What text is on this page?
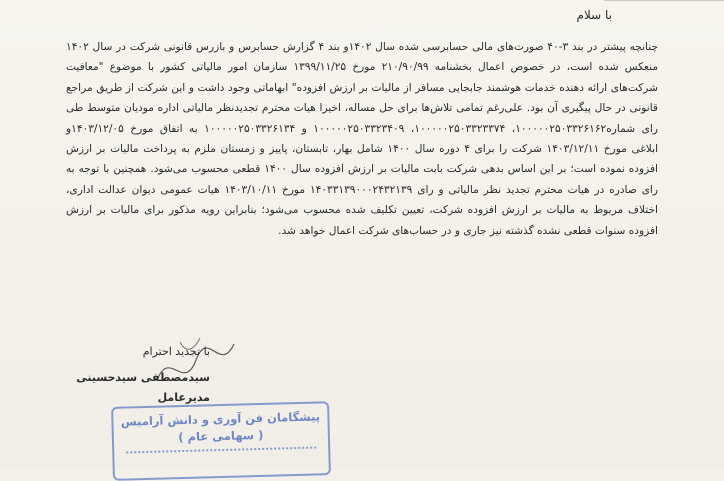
با سلام

چنانچه پیشتر در بند ۳-۴۰ صورت‌های مالی حسابرسی شده سال ۱۴۰۲و بند ۴ گزارش حسابرس و بازرس قانونی شرکت در سال ۱۴۰۲ منعکس شده است، در خصوص اعمال بخشنامه ۲۱۰/۹۰/۹۹ مورخ ۱۳۹۹/۱۱/۲۵ سازمان امور مالیاتی کشور با موضوع "معافیت شرکت‌های ارائه دهنده خدمات هوشمند جابجایی مسافر از مالیات بر ارزش افزوده" ابهاماتی وجود داشت و این شرکت از طریق مراجع قانونی در حال پیگیری آن بود. علی‌رغم تمامی تلاش‌ها برای حل مساله، اخیرا هیات محترم تجدیدنظر مالیاتی اداره مودیان متوسط طی رای شماره۱۰۰۰۰۰۲۵۰۳۳۲۶۱۶۲، ۱۰۰۰۰۰۲۵۰۳۳۲۳۳۷۴، ۱۰۰۰۰۰۲۵۰۳۳۲۳۴۰۹ و ۱۰۰۰۰۰۲۵۰۳۳۲۶۱۳۴ به اتفاق مورخ ۱۴۰۳/۱۲/۰۵و ابلاغی مورخ ۱۴۰۳/۱۲/۱۱ شرکت را برای ۴ دوره سال ۱۴۰۰ شامل بهار، تابستان، پاییز و زمستان ملزم به پرداخت مالیات بر ارزش افزوده نموده است؛ بر این اساس بدهی شرکت بابت مالیات بر ارزش افزوده سال ۱۴۰۰ قطعی محسوب می‌شود. همچنین با توجه به رای صادره در هیات محترم تجدید نظر مالیاتی و رای ۱۴۰۳۳۱۳۹۰۰۰۲۴۳۲۱۳۹ مورخ ۱۴۰۳/۱۰/۱۱ هیات عمومی دیوان عدالت اداری، اختلاف مربوط به مالیات بر ارزش افزوده شرکت، تعیین تکلیف شده محسوب می‌شود؛ بنابراین رویه مذکور برای مالیات بر ارزش افزوده سنوات قطعی نشده گذشته نیز جاری و در حساب‌های شرکت اعمال خواهد شد.

با تجدید احترام
سیدمصطفی سیدحسینی
مدیرعامل
پیشگامان فن آوری و دانش آرامیس
( سهامی عام )
